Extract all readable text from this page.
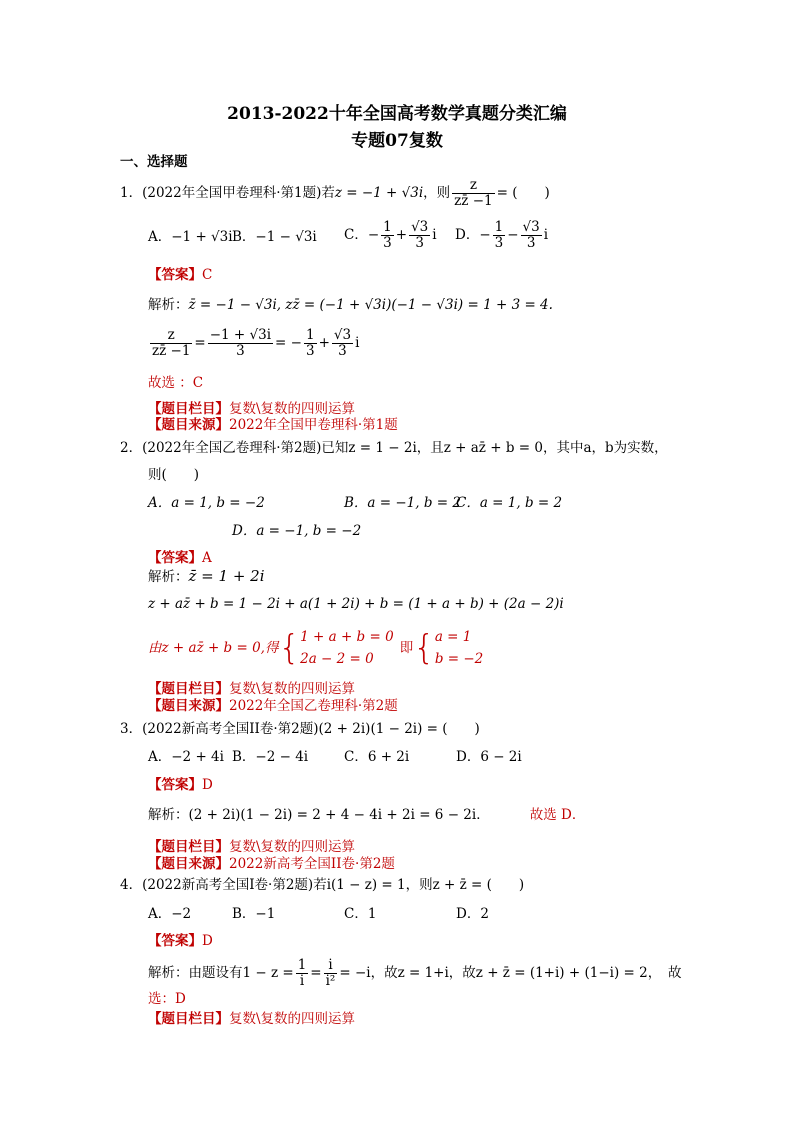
2013-2022十年全国高考数学真题分类汇编
专题07复数
一、选择题
1．(2022年全国甲卷理科·第1题)若z = −1 + √3i，则 $\frac{z}{zz̄ -1}$ = (　　)
A．−1 + √3i B．−1 − √3i C．− $\frac{1}{3} + \frac{√3}{3}$ i D．− $\frac{1}{3} - \frac{√3}{3}$ i
【答案】C
解析：z̄ = −1 − √3i, zz̄ = (−1 + √3i)(−1 − √3i) = 1 + 3 = 4.
$\frac{z}{zz̄ -1} = \frac{-1 + √3i}{3}$ = − $\frac{1}{3} + \frac{√3}{3}$ i
故选 ：C
【题目栏目】复数\复数的四则运算
【题目来源】2022年全国甲卷理科·第1题
2．(2022年全国乙卷理科·第2题)已知z = 1 − 2i，且z + az̄ + b = 0，其中a，b为实数，
则(　　)
A．a = 1, b = −2	B．a = −1, b = 2
C．a = 1, b = 2
D．a = −1, b = −2
【答案】A
解析：z̄ = 1 + 2i
z + az̄ + b = 1 − 2i + a(1 + 2i) + b = (1 + a + b) + (2a − 2)i
由z + az̄ + b = 0,得{ 1 + a + b = 0
2a − 2 = 0
即{ a = 1
b = −2
【题目栏目】复数\复数的四则运算
【题目来源】2022年全国乙卷理科·第2题
3．(2022新高考全国II卷·第2题)(2 + 2i)(1 − 2i) = (　　)
A．−2 + 4i B．−2 − 4i	C．6 + 2i	D．6 − 2i
【答案】D
解析：(2 + 2i)(1 − 2i) = 2 + 4 − 4i + 2i = 6 − 2i．	故选 D．
【题目栏目】复数\复数的四则运算
【题目来源】2022新高考全国II卷·第2题
4．(2022新高考全国I卷·第2题)若i(1 − z) = 1，则z + z̄ = (　　)
A．−2	B．−1	C．1	D．2
【答案】D
解析：由题设有$1 - z = \frac{1}{i} = \frac{i}{\text{i²}} = -i$，故z = 1+i，故z + z̄ = (1+i) + (1−i) = 2，　故
选：D
【题目栏目】复数\复数的四则运算
